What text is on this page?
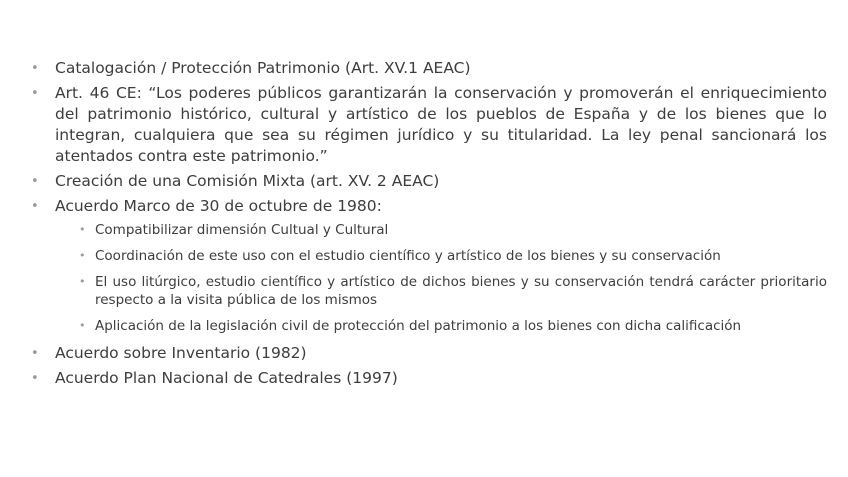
• Catalogación / Protección Patrimonio (Art. XV.1 AEAC)
• Art. 46 CE: “Los poderes públicos garantizarán la conservación y promoverán el enriquecimiento del patrimonio histórico, cultural y artístico de los pueblos de España y de los bienes que lo integran, cualquiera que sea su régimen jurídico y su titularidad. La ley penal sancionará los atentados contra este patrimonio.”
• Creación de una Comisión Mixta (art. XV. 2 AEAC)
• Acuerdo Marco de 30 de octubre de 1980:
• Compatibilizar dimensión Cultual y Cultural
• Coordinación de este uso con el estudio científico y artístico de los bienes y su conservación
• El uso litúrgico, estudio científico y artístico de dichos bienes y su conservación tendrá carácter prioritario respecto a la visita pública de los mismos
• Aplicación de la legislación civil de protección del patrimonio a los bienes con dicha calificación
• Acuerdo sobre Inventario (1982)
• Acuerdo Plan Nacional de Catedrales (1997)
